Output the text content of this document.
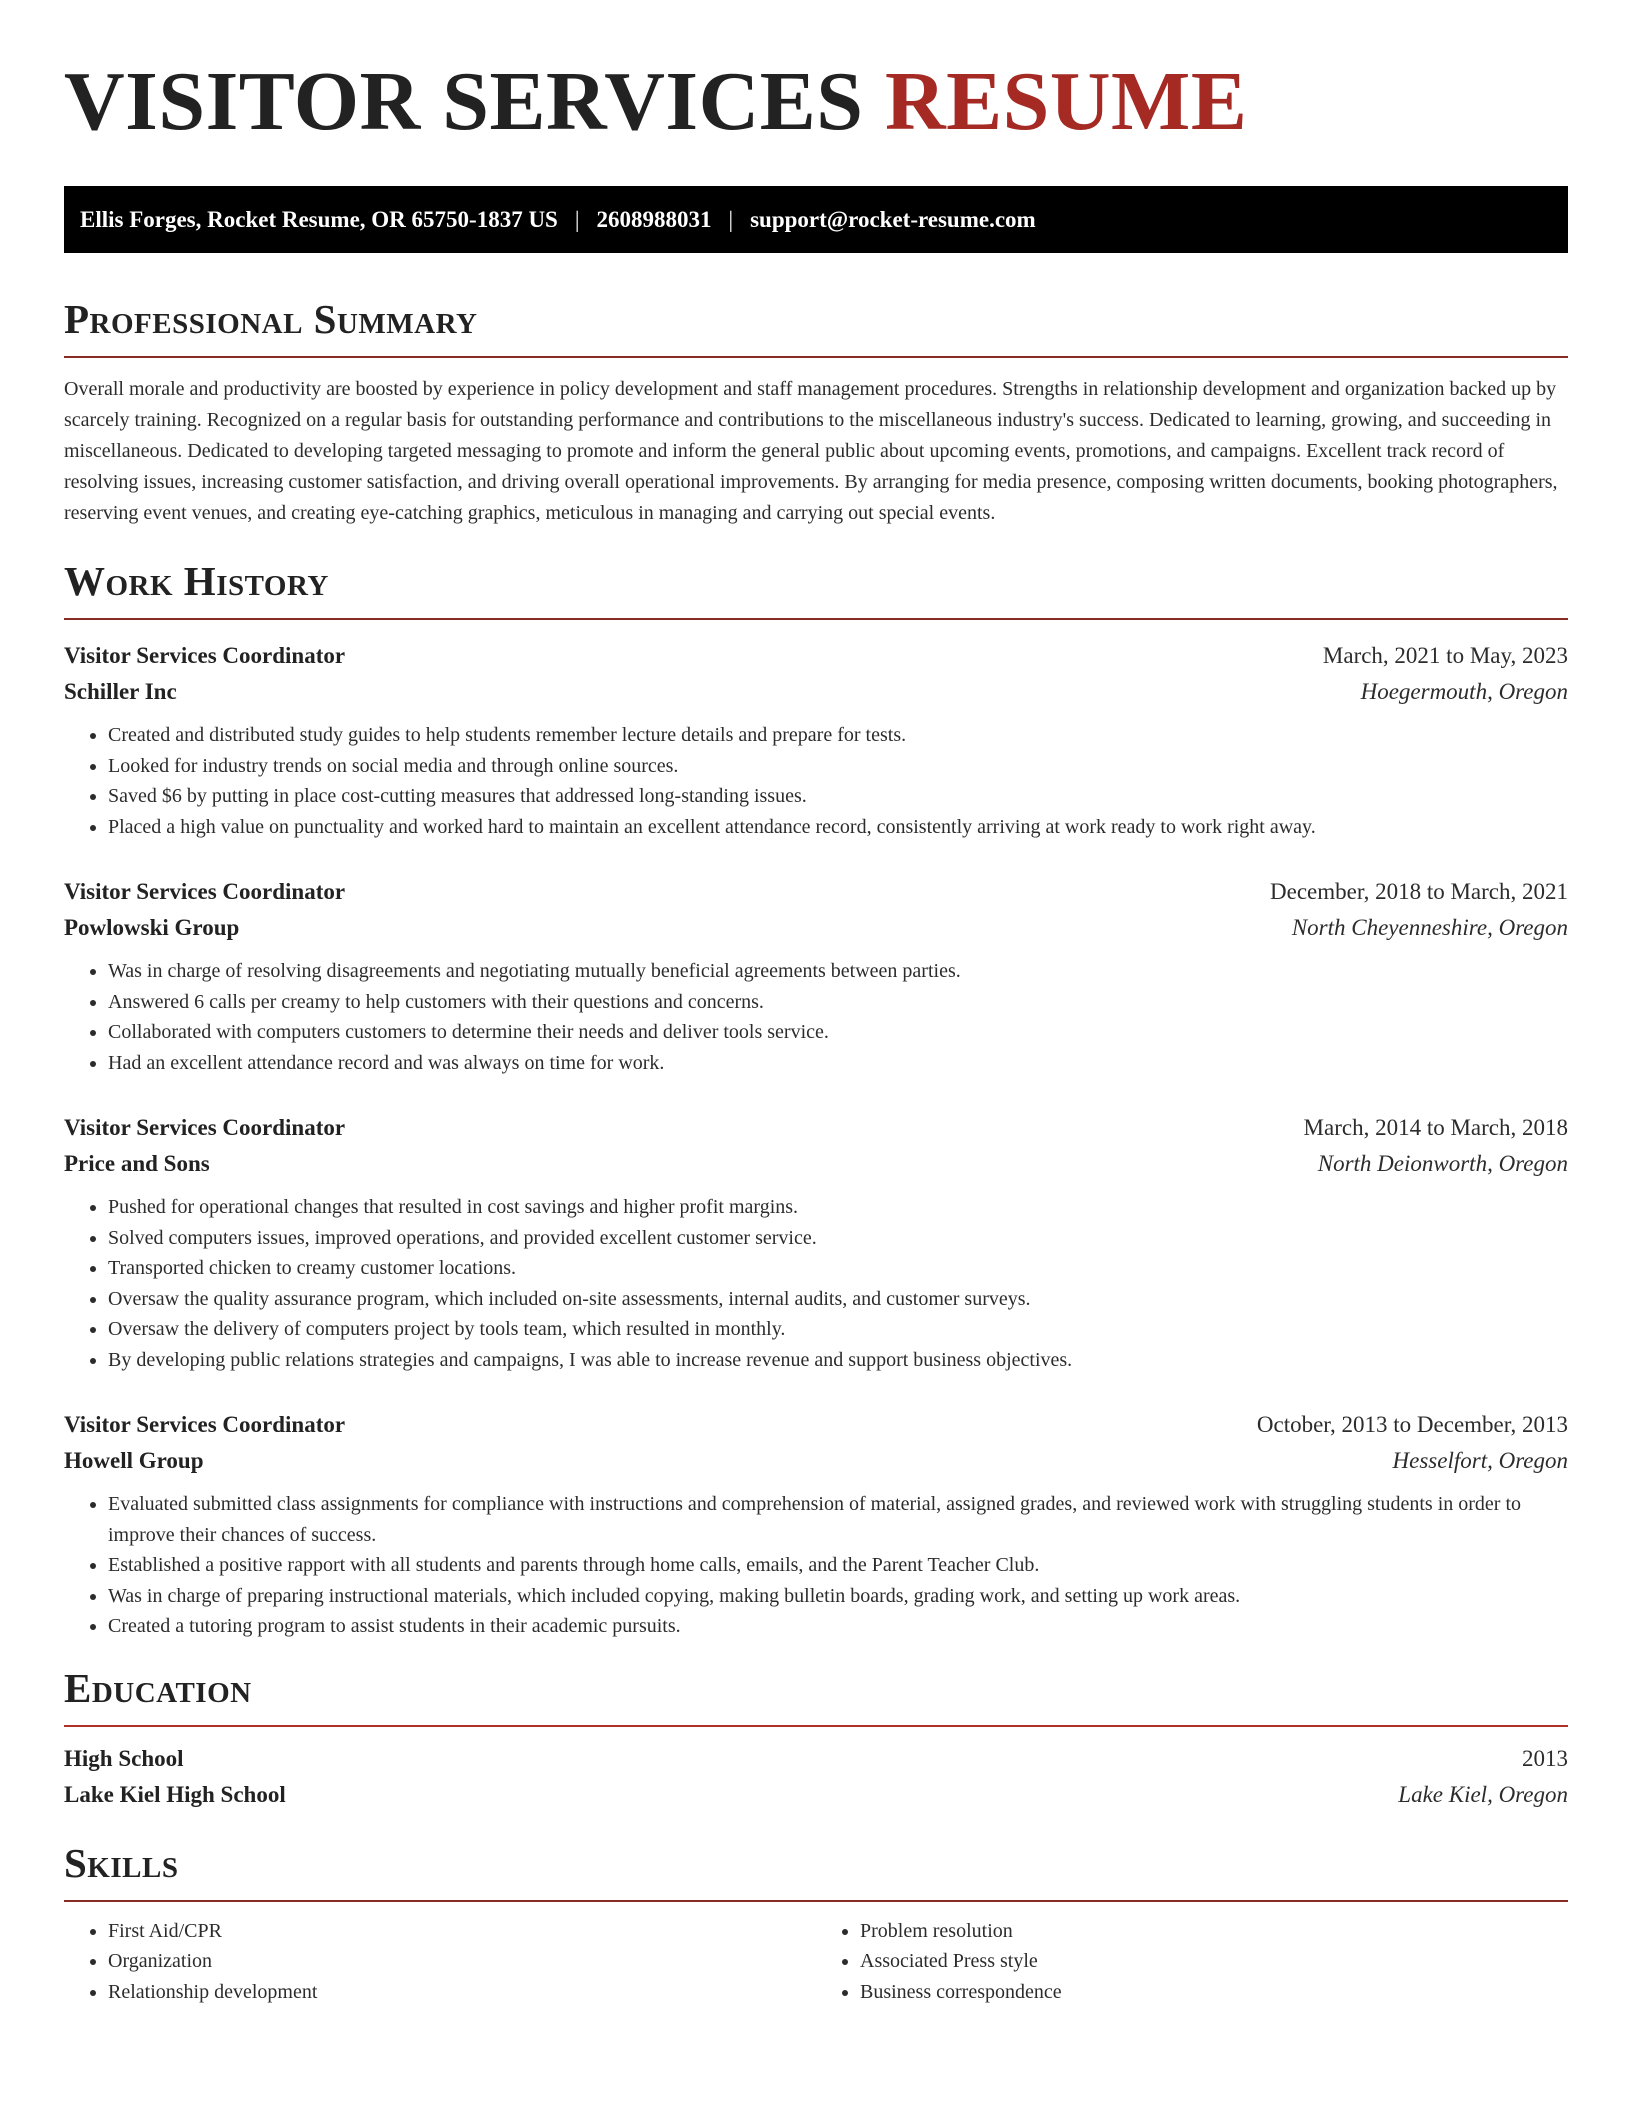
VISITOR SERVICES RESUME
Ellis Forges, Rocket Resume, OR 65750-1837 US | 2608988031 | support@rocket-resume.com
Professional Summary

Overall morale and productivity are boosted by experience in policy development and staff management procedures. Strengths in relationship development and organization backed up by scarcely training. Recognized on a regular basis for outstanding performance and contributions to the miscellaneous industry's success. Dedicated to learning, growing, and succeeding in miscellaneous. Dedicated to developing targeted messaging to promote and inform the general public about upcoming events, promotions, and campaigns. Excellent track record of resolving issues, increasing customer satisfaction, and driving overall operational improvements. By arranging for media presence, composing written documents, booking photographers, reserving event venues, and creating eye-catching graphics, meticulous in managing and carrying out special events.

Work History
Visitor Services Coordinator	March, 2021 to May, 2023
Schiller Inc	Hoegermouth, Oregon
• Created and distributed study guides to help students remember lecture details and prepare for tests.
• Looked for industry trends on social media and through online sources.
• Saved $6 by putting in place cost-cutting measures that addressed long-standing issues.
• Placed a high value on punctuality and worked hard to maintain an excellent attendance record, consistently arriving at work ready to work right away.
Visitor Services Coordinator	December, 2018 to March, 2021
Powlowski Group	North Cheyenneshire, Oregon
• Was in charge of resolving disagreements and negotiating mutually beneficial agreements between parties.
• Answered 6 calls per creamy to help customers with their questions and concerns.
• Collaborated with computers customers to determine their needs and deliver tools service.
• Had an excellent attendance record and was always on time for work.
Visitor Services Coordinator	March, 2014 to March, 2018
Price and Sons	North Deionworth, Oregon
• Pushed for operational changes that resulted in cost savings and higher profit margins.
• Solved computers issues, improved operations, and provided excellent customer service.
• Transported chicken to creamy customer locations.
• Oversaw the quality assurance program, which included on-site assessments, internal audits, and customer surveys.
• Oversaw the delivery of computers project by tools team, which resulted in monthly.
• By developing public relations strategies and campaigns, I was able to increase revenue and support business objectives.
Visitor Services Coordinator	October, 2013 to December, 2013
Howell Group	Hesselfort, Oregon
• Evaluated submitted class assignments for compliance with instructions and comprehension of material, assigned grades, and reviewed work with struggling students in order to improve their chances of success.
• Established a positive rapport with all students and parents through home calls, emails, and the Parent Teacher Club.
• Was in charge of preparing instructional materials, which included copying, making bulletin boards, grading work, and setting up work areas.
• Created a tutoring program to assist students in their academic pursuits.
Education
High School	2013
Lake Kiel High School	Lake Kiel, Oregon
Skills
• First Aid/CPR
• Organization
• Relationship development
• Problem resolution
• Associated Press style
• Business correspondence
